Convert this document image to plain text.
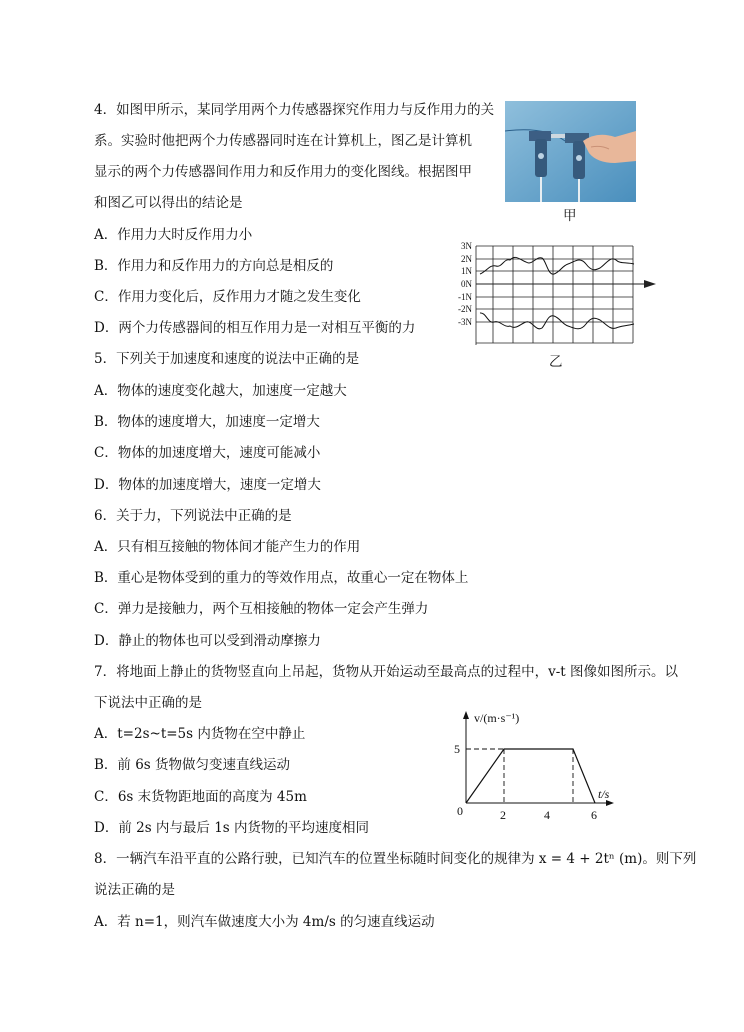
4．如图甲所示，某同学用两个力传感器探究作用力与反作用力的关
系。实验时他把两个力传感器同时连在计算机上，图乙是计算机
显示的两个力传感器间作用力和反作用力的变化图线。根据图甲
和图乙可以得出的结论是
A．作用力大时反作用力小
B．作用力和反作用力的方向总是相反的
C．作用力变化后，反作用力才随之发生变化
D．两个力传感器间的相互作用力是一对相互平衡的力
甲
3N
2N
1N
0N
-1N
-2N
-3N
乙
5．下列关于加速度和速度的说法中正确的是
A．物体的速度变化越大，加速度一定越大
B．物体的速度增大，加速度一定增大
C．物体的加速度增大，速度可能减小
D．物体的加速度增大，速度一定增大
6．关于力，下列说法中正确的是
A．只有相互接触的物体间才能产生力的作用
B．重心是物体受到的重力的等效作用点，故重心一定在物体上
C．弹力是接触力，两个互相接触的物体一定会产生弹力
D．静止的物体也可以受到滑动摩擦力
7．将地面上静止的货物竖直向上吊起，货物从开始运动至最高点的过程中，v-t 图像如图所示。以
下说法中正确的是
A．t=2s~t=5s 内货物在空中静止
B．前 6s 货物做匀变速直线运动
C．6s 末货物距地面的高度为 45m
D．前 2s 内与最后 1s 内货物的平均速度相同
v/(m·s⁻¹)
t/s
0
5
2	4	6
8．一辆汽车沿平直的公路行驶，已知汽车的位置坐标随时间变化的规律为 x = 4 + 2tⁿ (m)。则下列
说法正确的是
A．若 n=1，则汽车做速度大小为 4m/s 的匀速直线运动
